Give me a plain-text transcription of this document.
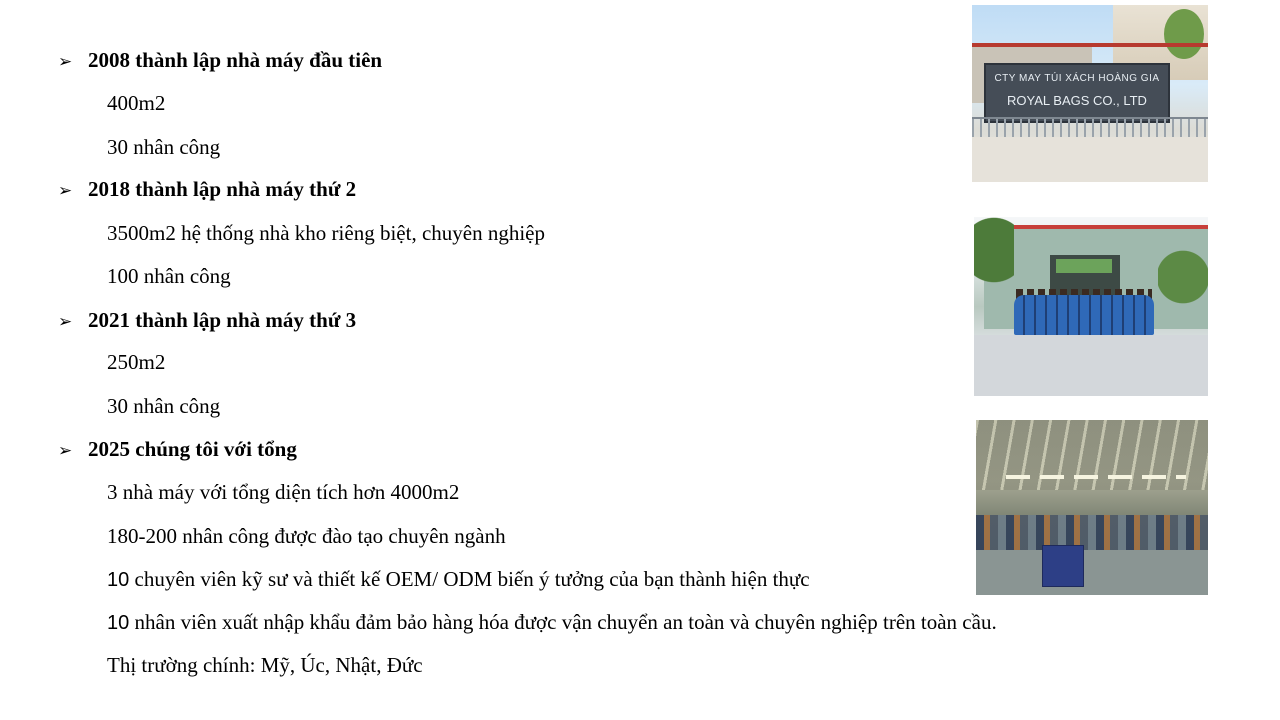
➢ 2008 thành lập nhà máy đầu tiên
400m2
30 nhân công
➢ 2018 thành lập nhà máy thứ 2
3500m2 hệ thống nhà kho riêng biệt, chuyên nghiệp
100 nhân công
➢ 2021 thành lập nhà máy thứ 3
250m2
30 nhân công
➢ 2025 chúng tôi với tổng
3 nhà máy với tổng diện tích hơn 4000m2
180-200 nhân công được đào tạo chuyên ngành
10 chuyên viên kỹ sư và thiết kế OEM/ ODM biến ý tưởng của bạn thành hiện thực
10 nhân viên xuất nhập khẩu đảm bảo hàng hóa được vận chuyển an toàn và chuyên nghiệp trên toàn cầu.
Thị trường chính: Mỹ, Úc, Nhật, Đức
CTY MAY TÚI XÁCH HOÀNG GIA
ROYAL BAGS CO., LTD
